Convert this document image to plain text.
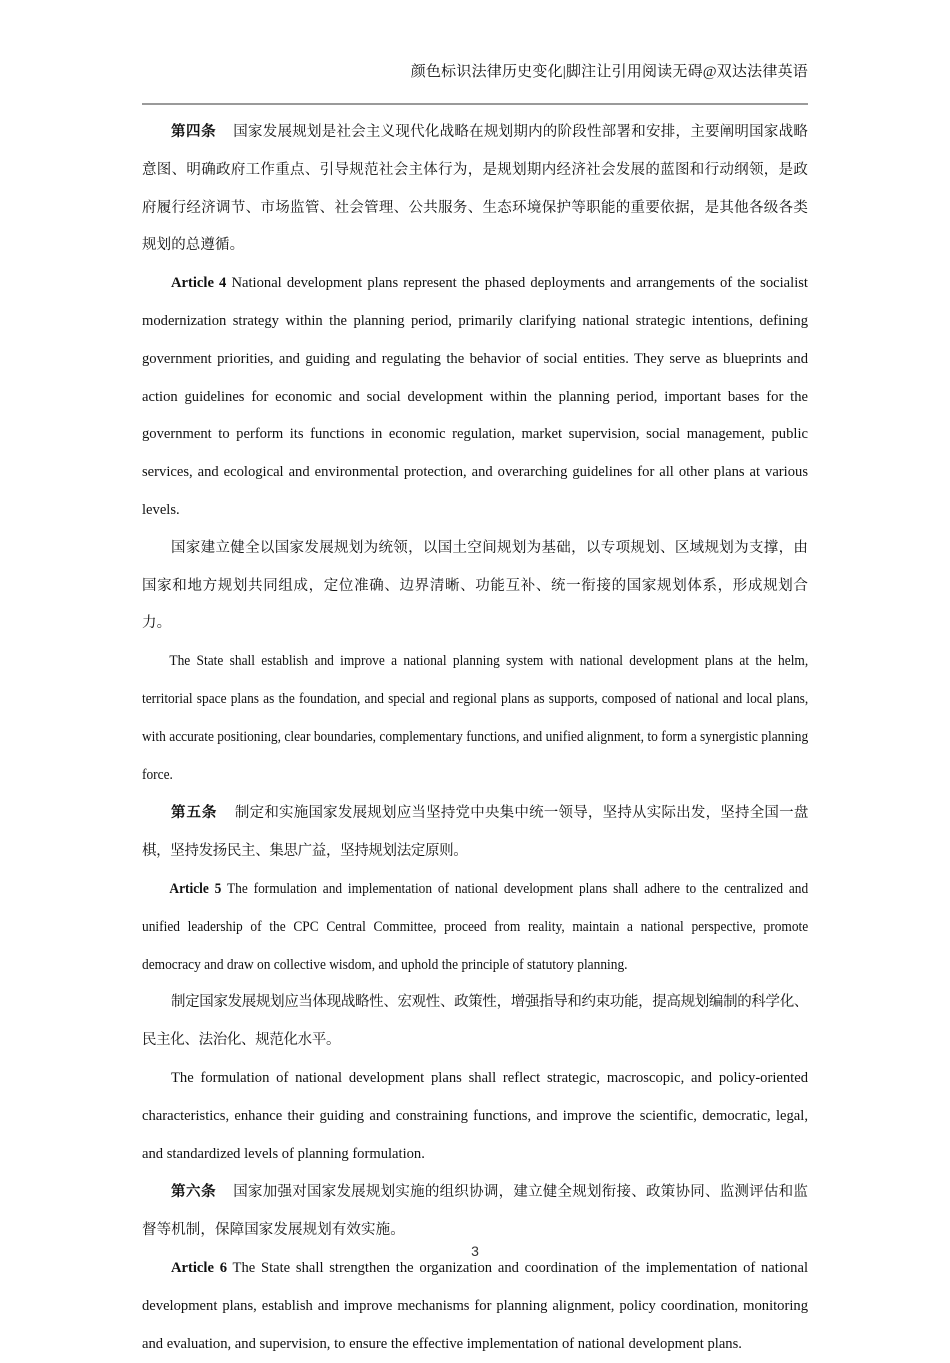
颜色标识法律历史变化|脚注让引用阅读无碍@双达法律英语

第四条 国家发展规划是社会主义现代化战略在规划期内的阶段性部署和安排，主要阐明国家战略意图、明确政府工作重点、引导规范社会主体行为，是规划期内经济社会发展的蓝图和行动纲领，是政府履行经济调节、市场监管、社会管理、公共服务、生态环境保护等职能的重要依据，是其他各级各类规划的总遵循。

Article 4 National development plans represent the phased deployments and arrangements of the socialist modernization strategy within the planning period, primarily clarifying national strategic intentions, defining government priorities, and guiding and regulating the behavior of social entities. They serve as blueprints and action guidelines for economic and social development within the planning period, important bases for the government to perform its functions in economic regulation, market supervision, social management, public services, and ecological and environmental protection, and overarching guidelines for all other plans at various levels.

国家建立健全以国家发展规划为统领，以国土空间规划为基础，以专项规划、区域规划为支撑，由国家和地方规划共同组成，定位准确、边界清晰、功能互补、统一衔接的国家规划体系，形成规划合力。

The State shall establish and improve a national planning system with national development plans at the helm, territorial space plans as the foundation, and special and regional plans as supports, composed of national and local plans, with accurate positioning, clear boundaries, complementary functions, and unified alignment, to form a synergistic planning force.

第五条 制定和实施国家发展规划应当坚持党中央集中统一领导，坚持从实际出发，坚持全国一盘棋，坚持发扬民主、集思广益，坚持规划法定原则。

Article 5 The formulation and implementation of national development plans shall adhere to the centralized and unified leadership of the CPC Central Committee, proceed from reality, maintain a national perspective, promote democracy and draw on collective wisdom, and uphold the principle of statutory planning.

制定国家发展规划应当体现战略性、宏观性、政策性，增强指导和约束功能，提高规划编制的科学化、民主化、法治化、规范化水平。

The formulation of national development plans shall reflect strategic, macroscopic, and policy-oriented characteristics, enhance their guiding and constraining functions, and improve the scientific, democratic, legal, and standardized levels of planning formulation.

第六条 国家加强对国家发展规划实施的组织协调，建立健全规划衔接、政策协同、监测评估和监督等机制，保障国家发展规划有效实施。

Article 6 The State shall strengthen the organization and coordination of the implementation of national development plans, establish and improve mechanisms for planning alignment, policy coordination, monitoring and evaluation, and supervision, to ensure the effective implementation of national development plans.

3
